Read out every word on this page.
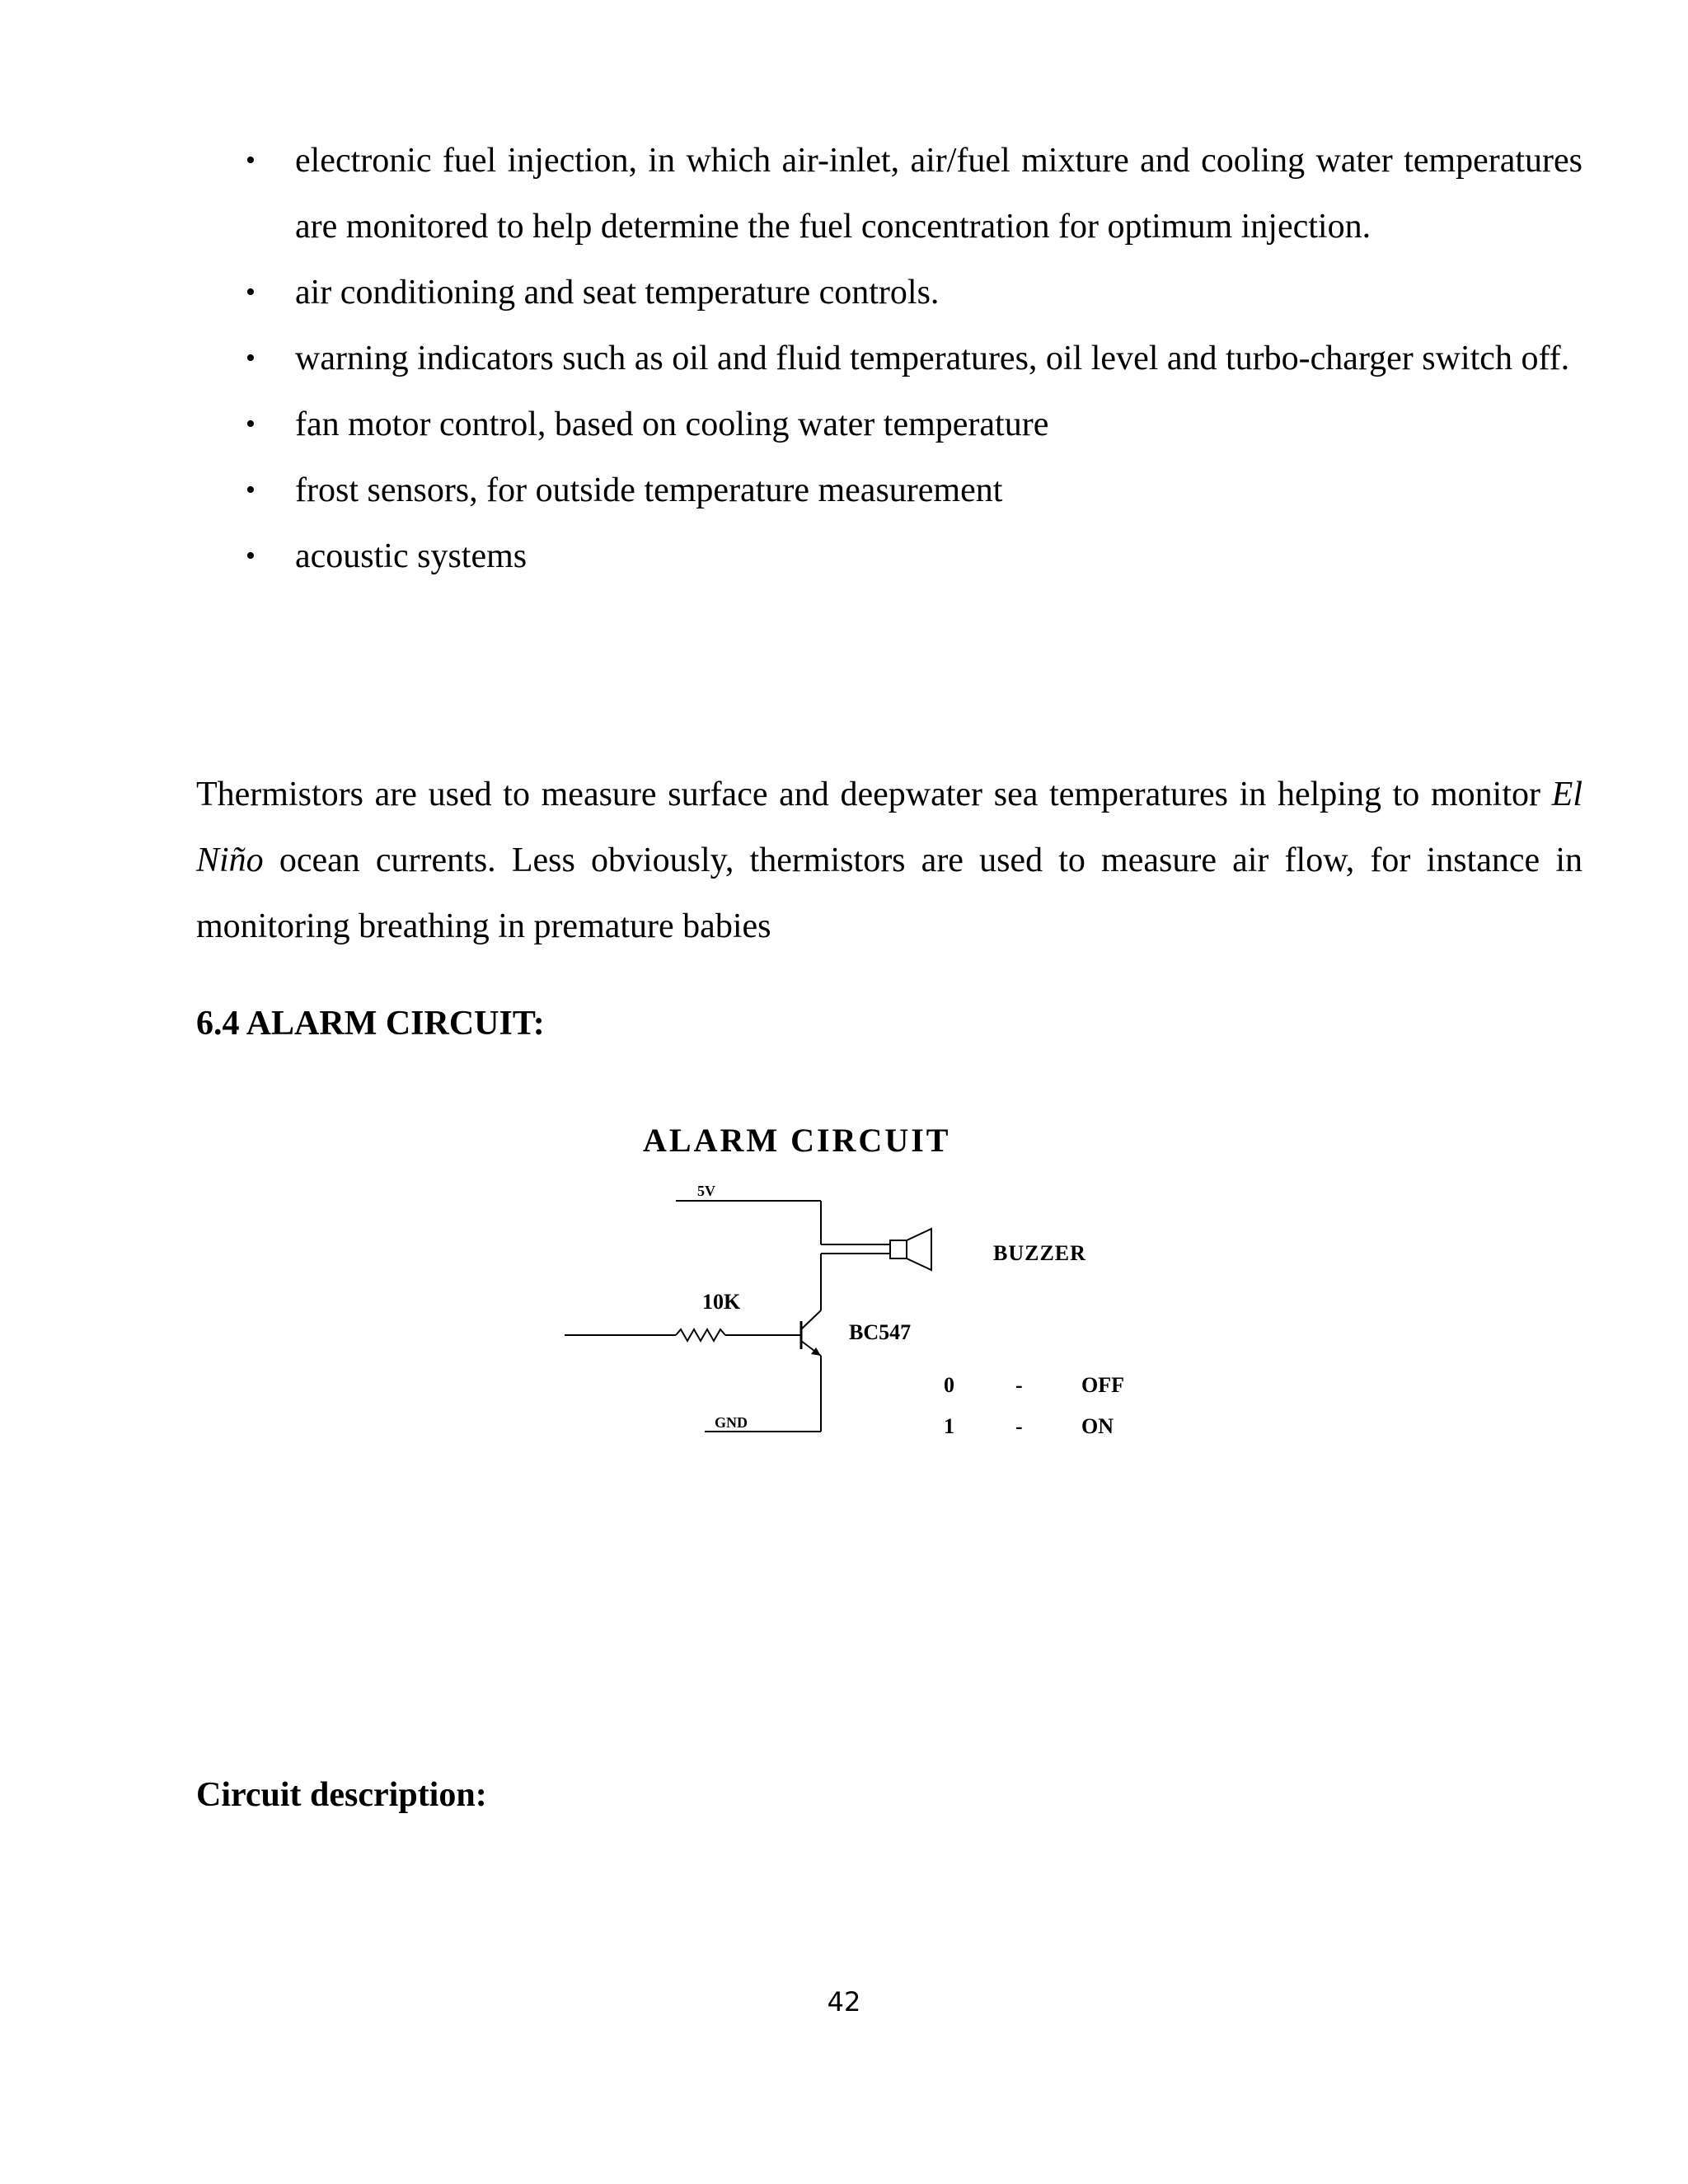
• electronic fuel injection, in which air-inlet, air/fuel mixture and cooling water temperatures are monitored to help determine the fuel concentration for optimum injection.
• air conditioning and seat temperature controls.
• warning indicators such as oil and fluid temperatures, oil level and turbo-charger switch off.
• fan motor control, based on cooling water temperature
• frost sensors, for outside temperature measurement
• acoustic systems

Thermistors are used to measure surface and deepwater sea temperatures in helping to monitor El Niño ocean currents. Less obviously, thermistors are used to measure air flow, for instance in monitoring breathing in premature babies

6.4 ALARM CIRCUIT:
ALARM CIRCUIT
5V
BUZZER
10K
BC547
GND
0	-	OFF
1	-	ON
Circuit description:
42
